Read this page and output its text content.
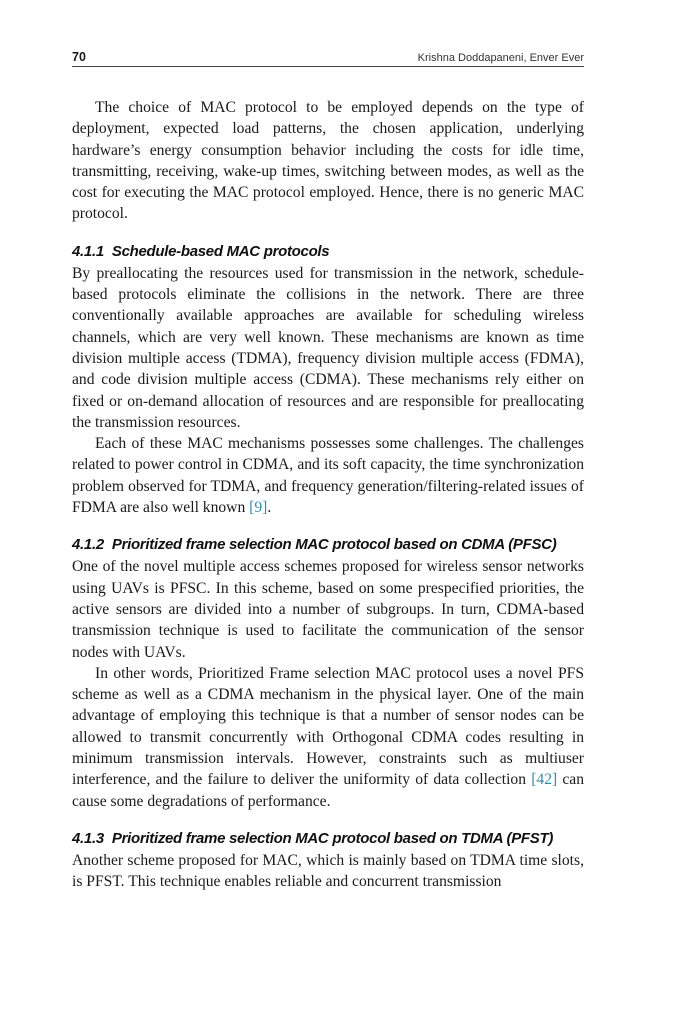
70	Krishna Doddapaneni, Enver Ever

The choice of MAC protocol to be employed depends on the type of deployment, expected load patterns, the chosen application, underlying hardware’s energy consumption behavior including the costs for idle time, transmitting, receiving, wake-up times, switching between modes, as well as the cost for executing the MAC protocol employed. Hence, there is no generic MAC protocol.

4.1.1 Schedule-based MAC protocols

By preallocating the resources used for transmission in the network, schedule-based protocols eliminate the collisions in the network. There are three conventionally available approaches are available for scheduling wireless channels, which are very well known. These mechanisms are known as time division multiple access (TDMA), frequency division multiple access (FDMA), and code division multiple access (CDMA). These mechanisms rely either on fixed or on-demand allocation of resources and are responsible for preallocating the transmission resources.

Each of these MAC mechanisms possesses some challenges. The challenges related to power control in CDMA, and its soft capacity, the time synchronization problem observed for TDMA, and frequency generation/filtering-related issues of FDMA are also well known [9].

4.1.2 Prioritized frame selection MAC protocol based on CDMA (PFSC)

One of the novel multiple access schemes proposed for wireless sensor networks using UAVs is PFSC. In this scheme, based on some prespecified priorities, the active sensors are divided into a number of subgroups. In turn, CDMA-based transmission technique is used to facilitate the communication of the sensor nodes with UAVs.

In other words, Prioritized Frame selection MAC protocol uses a novel PFS scheme as well as a CDMA mechanism in the physical layer. One of the main advantage of employing this technique is that a number of sensor nodes can be allowed to transmit concurrently with Orthogonal CDMA codes resulting in minimum transmission intervals. However, constraints such as multiuser interference, and the failure to deliver the uniformity of data collection [42] can cause some degradations of performance.

4.1.3 Prioritized frame selection MAC protocol based on TDMA (PFST)

Another scheme proposed for MAC, which is mainly based on TDMA time slots, is PFST. This technique enables reliable and concurrent transmission
